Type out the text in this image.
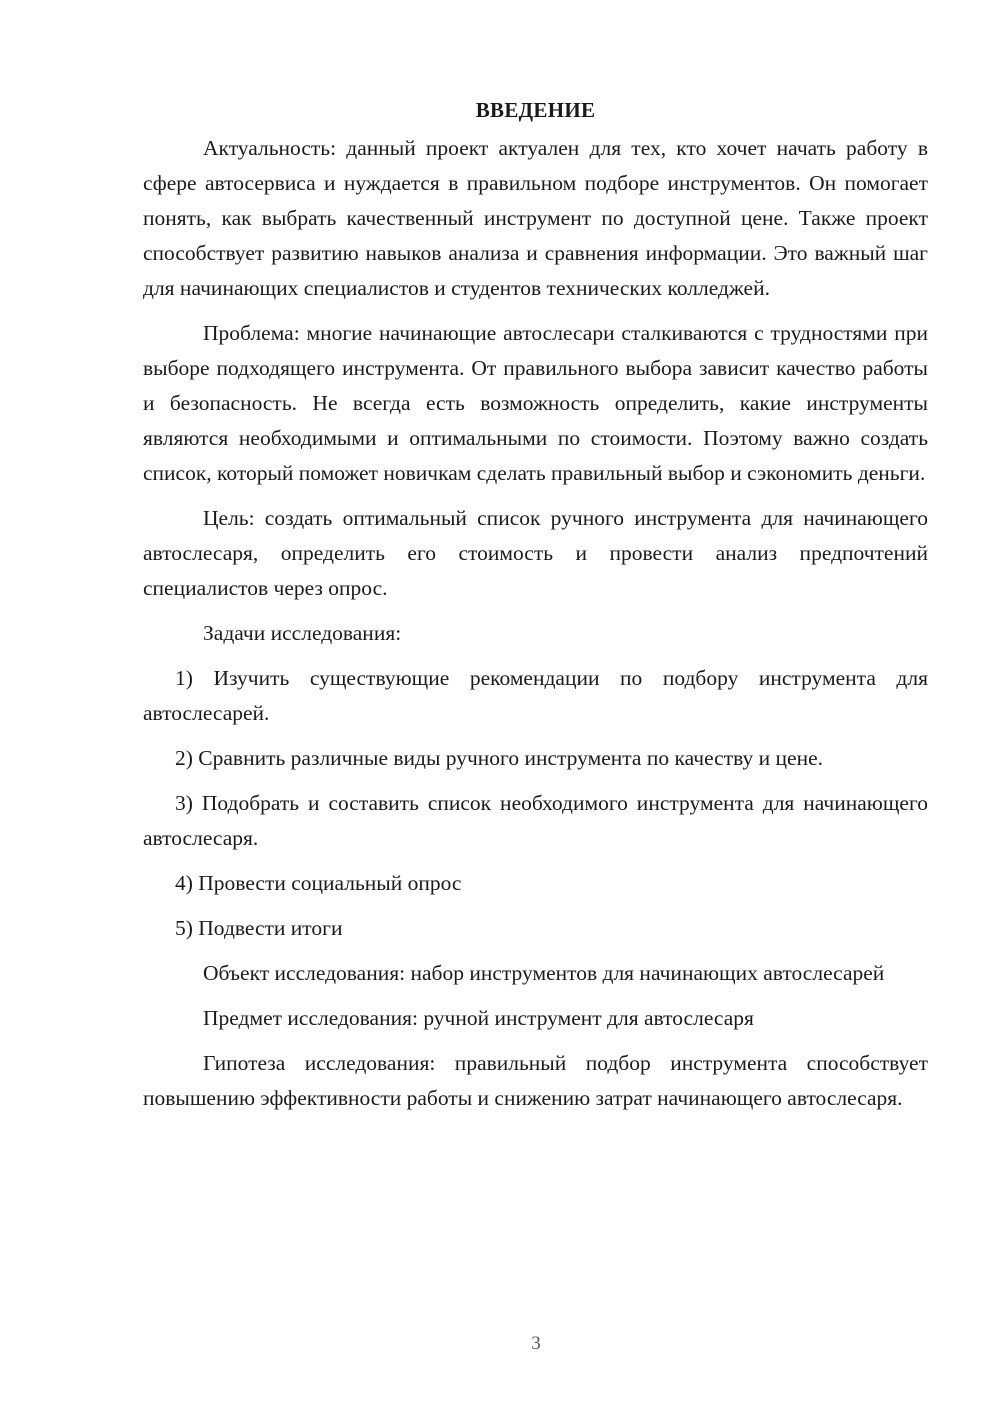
ВВЕДЕНИЕ

Актуальность: данный проект актуален для тех, кто хочет начать работу в сфере автосервиса и нуждается в правильном подборе инструментов. Он помогает понять, как выбрать качественный инструмент по доступной цене. Также проект способствует развитию навыков анализа и сравнения информации. Это важный шаг для начинающих специалистов и студентов технических колледжей.

Проблема: многие начинающие автослесари сталкиваются с трудностями при выборе подходящего инструмента. От правильного выбора зависит качество работы и безопасность. Не всегда есть возможность определить, какие инструменты являются необходимыми и оптимальными по стоимости. Поэтому важно создать список, который поможет новичкам сделать правильный выбор и сэкономить деньги.

Цель: создать оптимальный список ручного инструмента для начинающего автослесаря, определить его стоимость и провести анализ предпочтений специалистов через опрос.

Задачи исследования:

1) Изучить существующие рекомендации по подбору инструмента для автослесарей.

2) Сравнить различные виды ручного инструмента по качеству и цене.

3) Подобрать и составить список необходимого инструмента для начинающего автослесаря.

4) Провести социальный опрос

5) Подвести итоги

Объект исследования: набор инструментов для начинающих автослесарей

Предмет исследования: ручной инструмент для автослесаря

Гипотеза исследования: правильный подбор инструмента способствует повышению эффективности работы и снижению затрат начинающего автослесаря.

3
